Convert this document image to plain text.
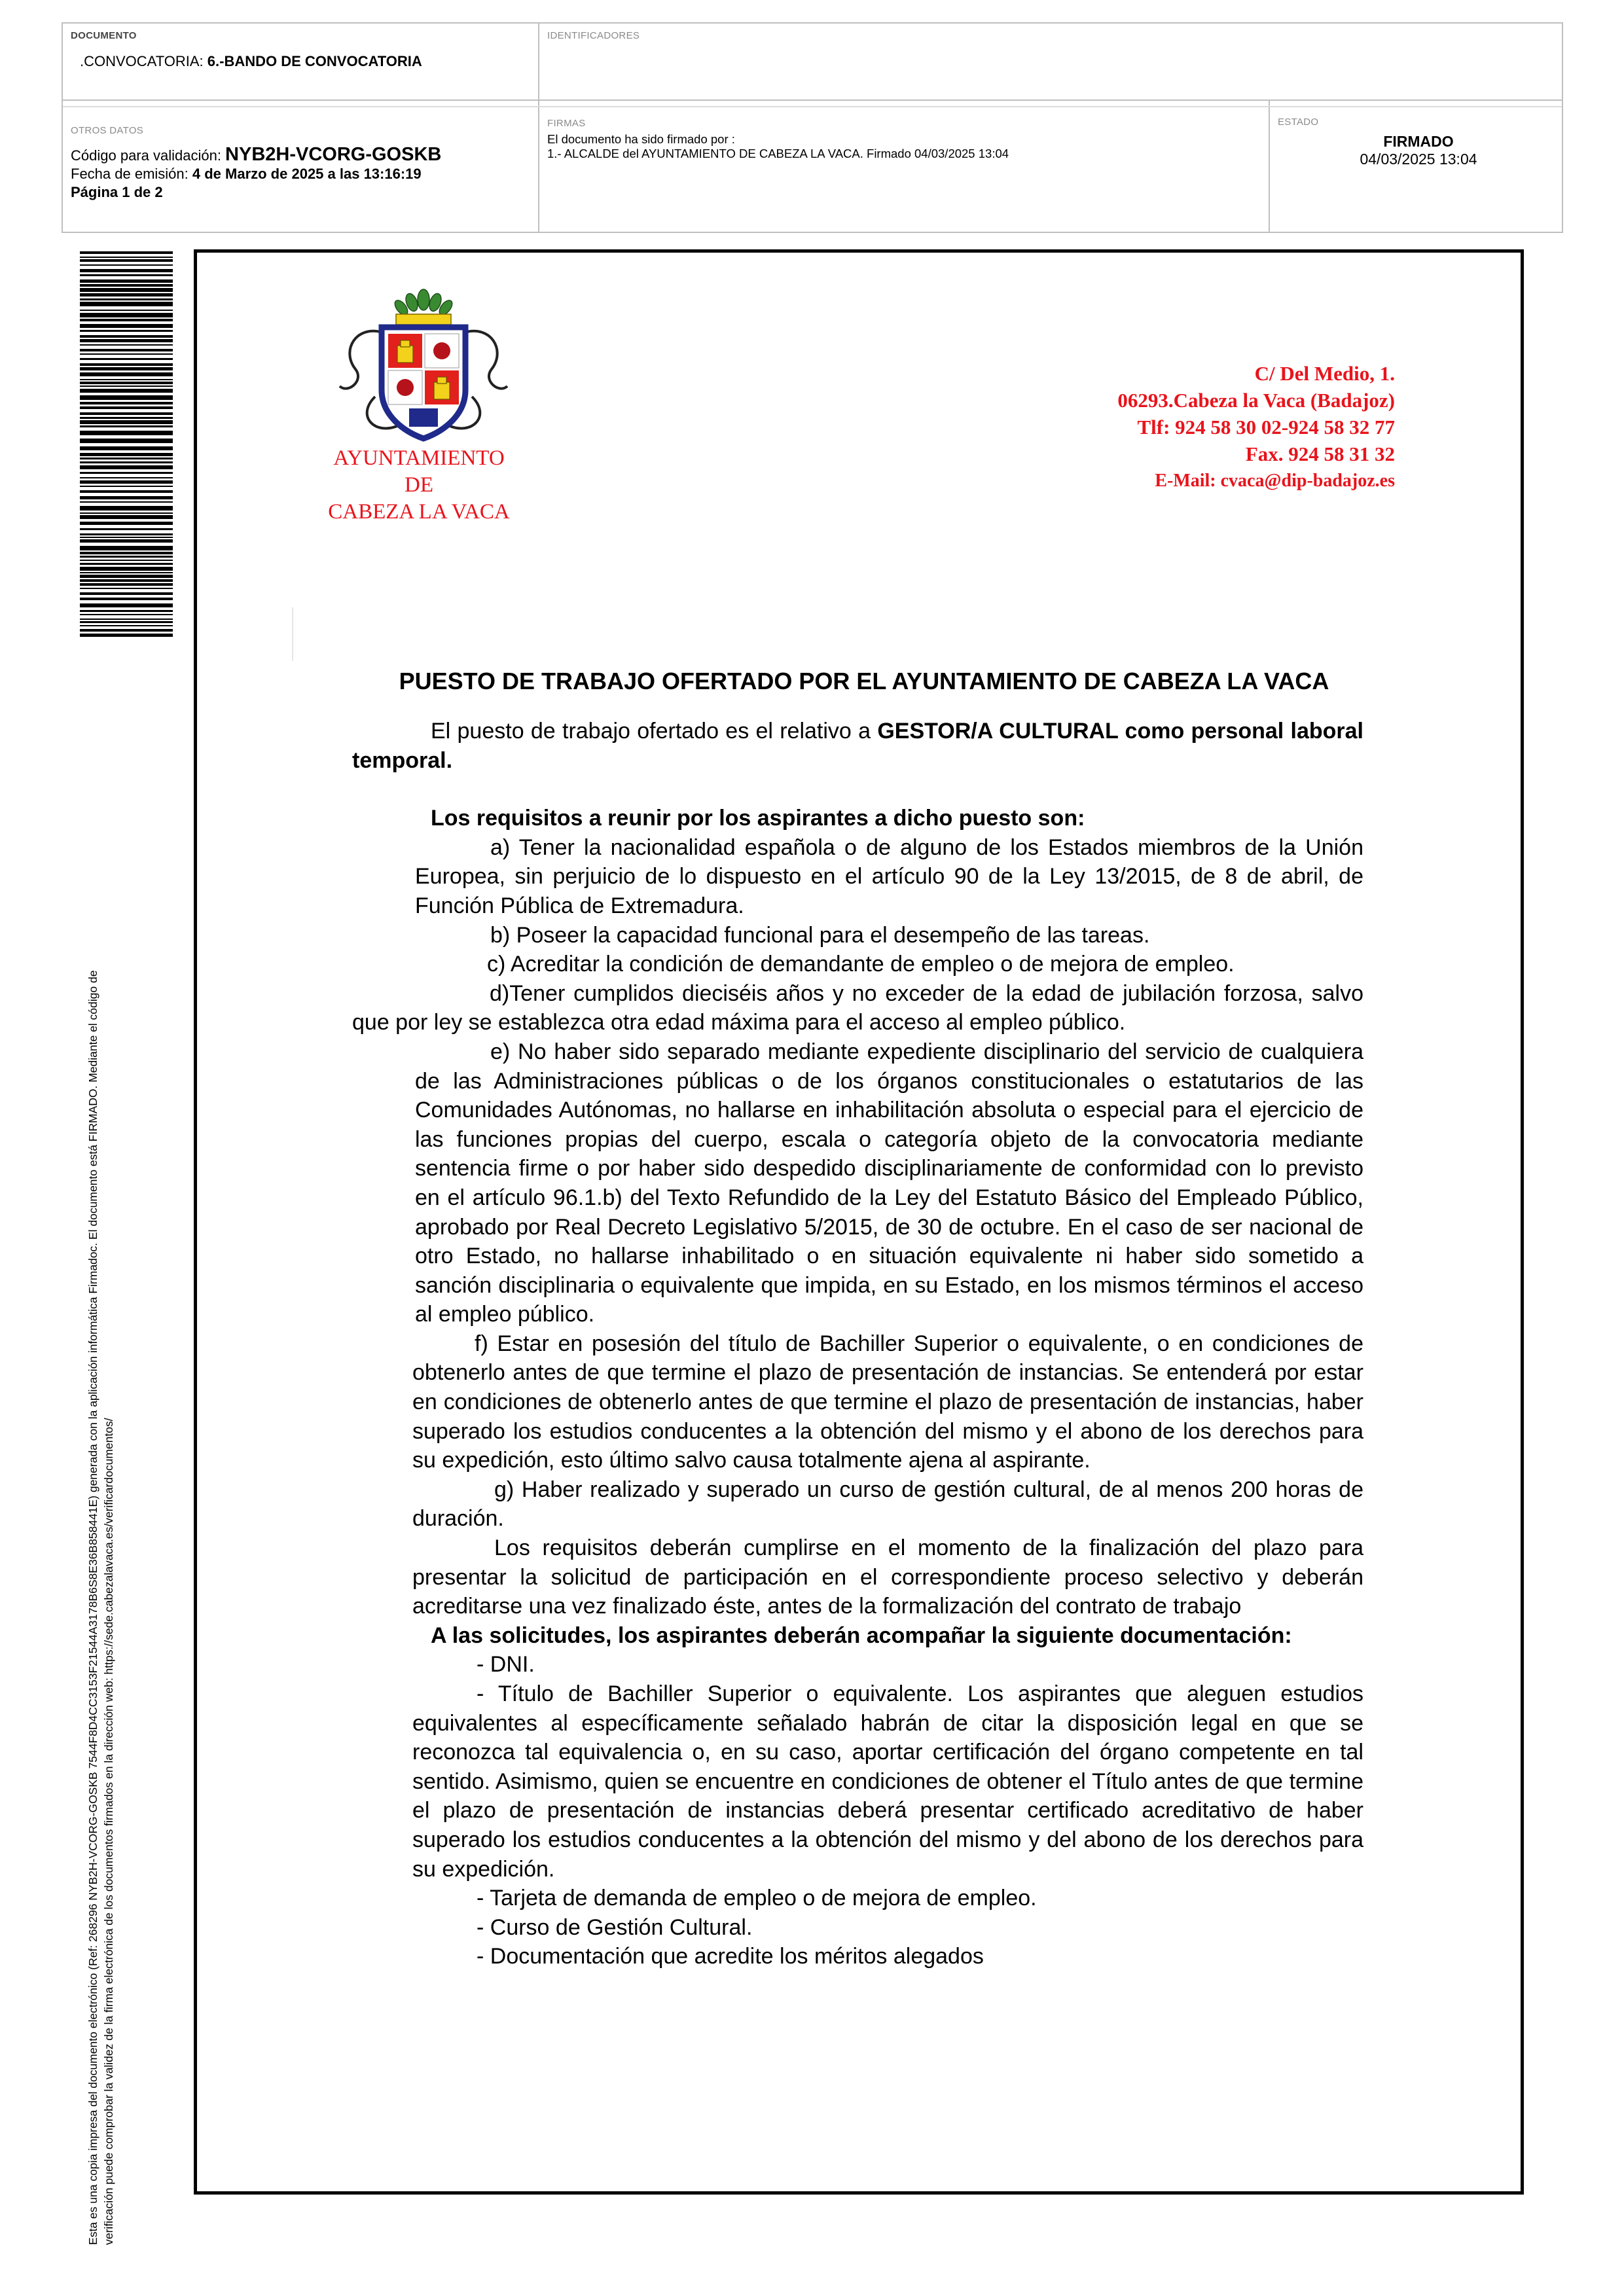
DOCUMENTO
.CONVOCATORIA: 6.-BANDO DE CONVOCATORIA
IDENTIFICADORES
OTROS DATOS
Código para validación: NYB2H-VCORG-GOSKB
Fecha de emisión: 4 de Marzo de 2025 a las 13:16:19
Página 1 de 2
FIRMAS
El documento ha sido firmado por :
1.- ALCALDE del AYUNTAMIENTO DE CABEZA LA VACA. Firmado 04/03/2025 13:04
ESTADO
FIRMADO
04/03/2025 13:04
Esta es una copia impresa del documento electrónico (Ref: 268296 NYB2H-VCORG-GOSKB 7544F8D4CC3153F21544A3178B6S8E36B858441E) generada con la aplicación informática Firmadoc. El documento está FIRMADO. Mediante el código de verificación puede comprobar la validez de la firma electrónica de los documentos firmados en la dirección web: https://sede.cabezalavaca.es/verificardocumentos/
AYUNTAMIENTO
DE
CABEZA LA VACA
C/ Del Medio, 1.
06293.Cabeza la Vaca (Badajoz)
Tlf: 924 58 30 02-924 58 32 77
Fax. 924 58 31 32
E-Mail: cvaca@dip-badajoz.es
PUESTO DE TRABAJO OFERTADO POR EL AYUNTAMIENTO DE CABEZA LA VACA

El puesto de trabajo ofertado es el relativo a GESTOR/A CULTURAL como personal laboral temporal.

Los requisitos a reunir por los aspirantes a dicho puesto son:

a) Tener la nacionalidad española o de alguno de los Estados miembros de la Unión Europea, sin perjuicio de lo dispuesto en el artículo 90 de la Ley 13/2015, de 8 de abril, de Función Pública de Extremadura.

b) Poseer la capacidad funcional para el desempeño de las tareas.

c) Acreditar la condición de demandante de empleo o de mejora de empleo.

d)Tener cumplidos dieciséis años y no exceder de la edad de jubilación forzosa, salvo que por ley se establezca otra edad máxima para el acceso al empleo público.

e) No haber sido separado mediante expediente disciplinario del servicio de cualquiera de las Administraciones públicas o de los órganos constitucionales o estatutarios de las Comunidades Autónomas, no hallarse en inhabilitación absoluta o especial para el ejercicio de las funciones propias del cuerpo, escala o categoría objeto de la convocatoria mediante sentencia firme o por haber sido despedido disciplinariamente de conformidad con lo previsto en el artículo 96.1.b) del Texto Refundido de la Ley del Estatuto Básico del Empleado Público, aprobado por Real Decreto Legislativo 5/2015, de 30 de octubre. En el caso de ser nacional de otro Estado, no hallarse inhabilitado o en situación equivalente ni haber sido sometido a sanción disciplinaria o equivalente que impida, en su Estado, en los mismos términos el acceso al empleo público.

f) Estar en posesión del título de Bachiller Superior o equivalente, o en condiciones de obtenerlo antes de que termine el plazo de presentación de instancias. Se entenderá por estar en condiciones de obtenerlo antes de que termine el plazo de presentación de instancias, haber superado los estudios conducentes a la obtención del mismo y el abono de los derechos para su expedición, esto último salvo causa totalmente ajena al aspirante.

g) Haber realizado y superado un curso de gestión cultural, de al menos 200 horas de duración.

Los requisitos deberán cumplirse en el momento de la finalización del plazo para presentar la solicitud de participación en el correspondiente proceso selectivo y deberán acreditarse una vez finalizado éste, antes de la formalización del contrato de trabajo

A las solicitudes, los aspirantes deberán acompañar la siguiente documentación:

- DNI.

- Título de Bachiller Superior o equivalente. Los aspirantes que aleguen estudios equivalentes al específicamente señalado habrán de citar la disposición legal en que se reconozca tal equivalencia o, en su caso, aportar certificación del órgano competente en tal sentido. Asimismo, quien se encuentre en condiciones de obtener el Título antes de que termine el plazo de presentación de instancias deberá presentar certificado acreditativo de haber superado los estudios conducentes a la obtención del mismo y del abono de los derechos para su expedición.

- Tarjeta de demanda de empleo o de mejora de empleo.

- Curso de Gestión Cultural.

- Documentación que acredite los méritos alegados
